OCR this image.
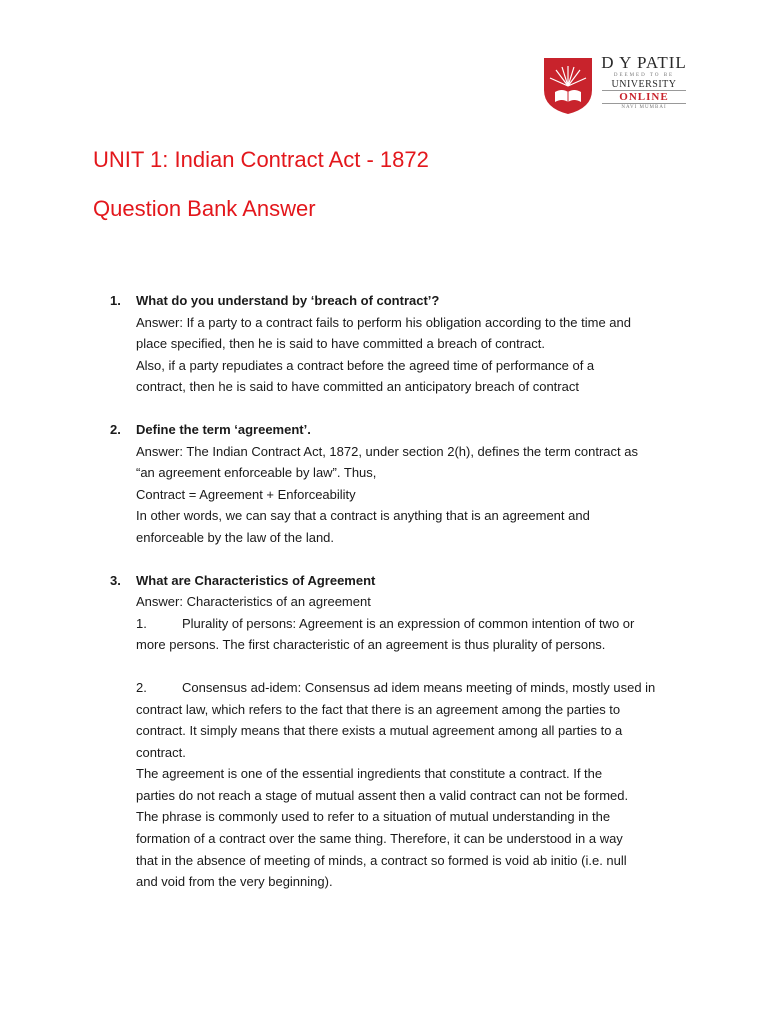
D Y PATIL
DEEMED TO BE
UNIVERSITY
ONLINE
NAVI MUMBAI
UNIT 1: Indian Contract Act - 1872
Question Bank Answer
1. What do you understand by ‘breach of contract’?
Answer: If a party to a contract fails to perform his obligation according to the time and
place specified, then he is said to have committed a breach of contract.
Also, if a party repudiates a contract before the agreed time of performance of a
contract, then he is said to have committed an anticipatory breach of contract
2. Define the term ‘agreement’.
Answer: The Indian Contract Act, 1872, under section 2(h), defines the term contract as
“an agreement enforceable by law”. Thus,
Contract = Agreement + Enforceability
In other words, we can say that a contract is anything that is an agreement and
enforceable by the law of the land.
3. What are Characteristics of Agreement
Answer: Characteristics of an agreement
1.	Plurality of persons: Agreement is an expression of common intention of two or
more persons. The first characteristic of an agreement is thus plurality of persons.
2.	Consensus ad-idem: Consensus ad idem means meeting of minds, mostly used in
contract law, which refers to the fact that there is an agreement among the parties to
contract. It simply means that there exists a mutual agreement among all parties to a
contract.
The agreement is one of the essential ingredients that constitute a contract. If the
parties do not reach a stage of mutual assent then a valid contract can not be formed.
The phrase is commonly used to refer to a situation of mutual understanding in the
formation of a contract over the same thing. Therefore, it can be understood in a way
that in the absence of meeting of minds, a contract so formed is void ab initio (i.e. null
and void from the very beginning).
